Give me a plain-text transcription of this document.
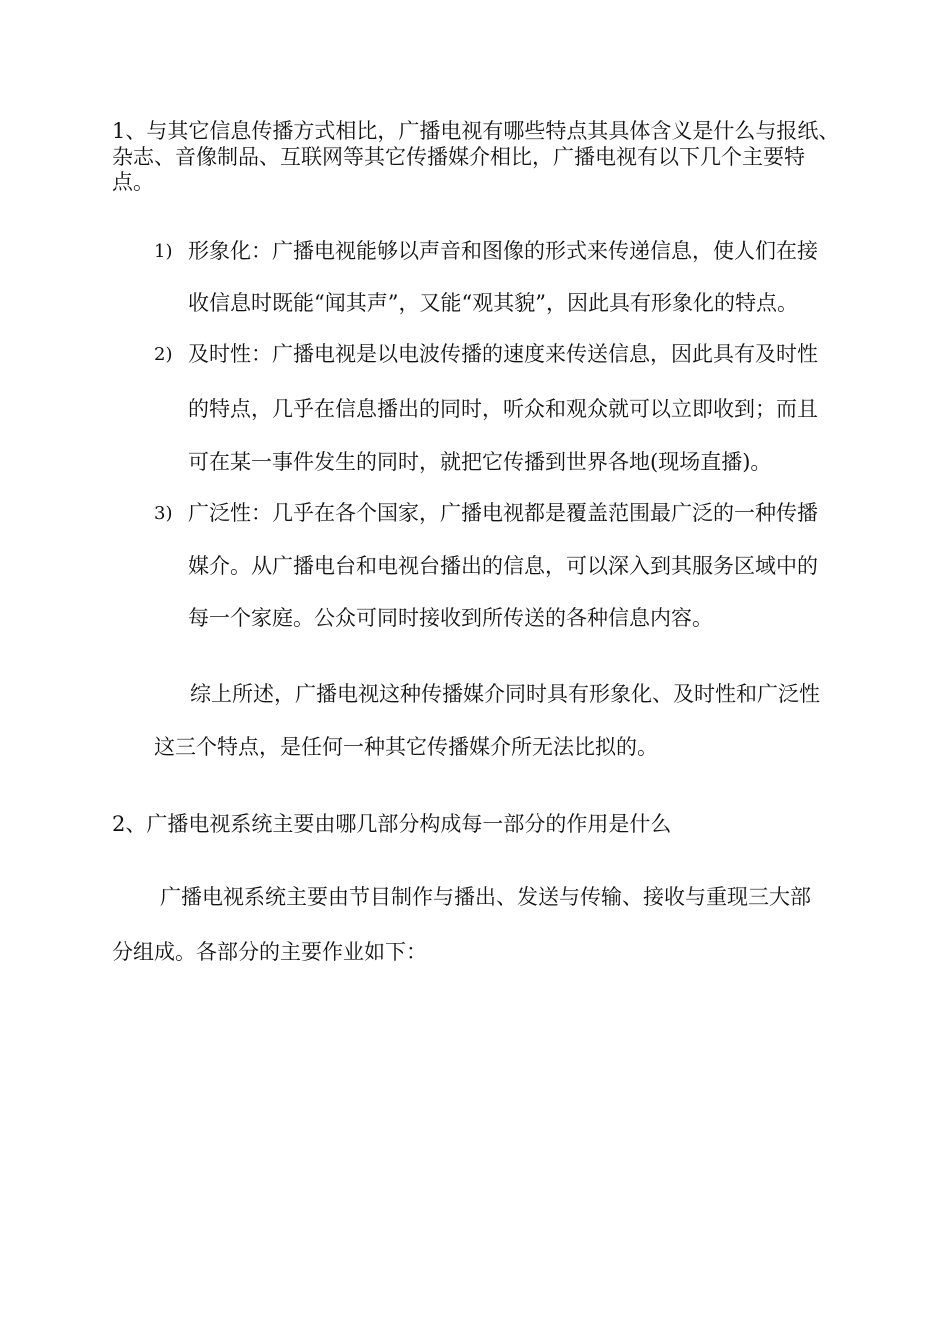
1、与其它信息传播方式相比，广播电视有哪些特点其具体含义是什么与报纸、
杂志、音像制品、互联网等其它传播媒介相比，广播电视有以下几个主要特
点。
1) 形象化：广播电视能够以声音和图像的形式来传递信息，使人们在接
收信息时既能“闻其声”，又能“观其貌”，因此具有形象化的特点。
2) 及时性：广播电视是以电波传播的速度来传送信息，因此具有及时性
的特点，几乎在信息播出的同时，听众和观众就可以立即收到；而且
可在某一事件发生的同时，就把它传播到世界各地(现场直播)。
3) 广泛性：几乎在各个国家，广播电视都是覆盖范围最广泛的一种传播
媒介。从广播电台和电视台播出的信息，可以深入到其服务区域中的
每一个家庭。公众可同时接收到所传送的各种信息内容。
综上所述，广播电视这种传播媒介同时具有形象化、及时性和广泛性
这三个特点，是任何一种其它传播媒介所无法比拟的。
2、广播电视系统主要由哪几部分构成每一部分的作用是什么
广播电视系统主要由节目制作与播出、发送与传输、接收与重现三大部
分组成。各部分的主要作业如下：
